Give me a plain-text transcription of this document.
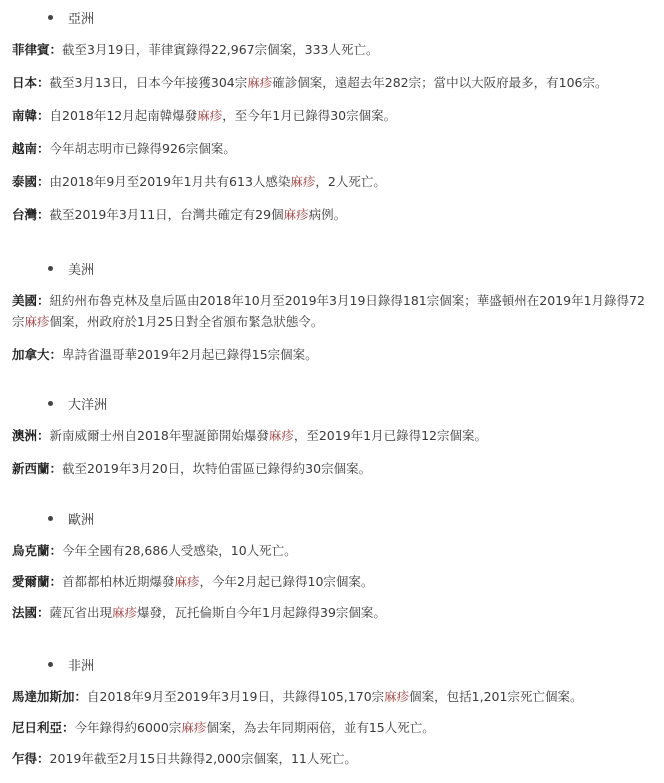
亞洲
菲律賓：截至3月19日，菲律賓錄得22,967宗個案，333人死亡。
日本：截至3月13日，日本今年接獲304宗麻疹確診個案，遠超去年282宗；當中以大阪府最多，有106宗。
南韓：自2018年12月起南韓爆發麻疹，至今年1月已錄得30宗個案。
越南：今年胡志明市已錄得926宗個案。
泰國：由2018年9月至2019年1月共有613人感染麻疹，2人死亡。
台灣：截至2019年3月11日，台灣共確定有29個麻疹病例。
美洲
美國：紐約州布魯克林及皇后區由2018年10月至2019年3月19日錄得181宗個案；華盛頓州在2019年1月錄得72宗麻疹個案，州政府於1月25日對全省頒布緊急狀態令。
加拿大：卑詩省溫哥華2019年2月起已錄得15宗個案。
大洋洲
澳洲：新南威爾士州自2018年聖誕節開始爆發麻疹，至2019年1月已錄得12宗個案。
新西蘭：截至2019年3月20日，坎特伯雷區已錄得約30宗個案。
歐洲
烏克蘭：今年全國有28,686人受感染，10人死亡。
愛爾蘭：首都都柏林近期爆發麻疹，今年2月起已錄得10宗個案。
法國：薩瓦省出現麻疹爆發，瓦托倫斯自今年1月起錄得39宗個案。
非洲
馬達加斯加：自2018年9月至2019年3月19日，共錄得105,170宗麻疹個案，包括1,201宗死亡個案。
尼日利亞：今年錄得約6000宗麻疹個案，為去年同期兩倍，並有15人死亡。
乍得：2019年截至2月15日共錄得2,000宗個案，11人死亡。
